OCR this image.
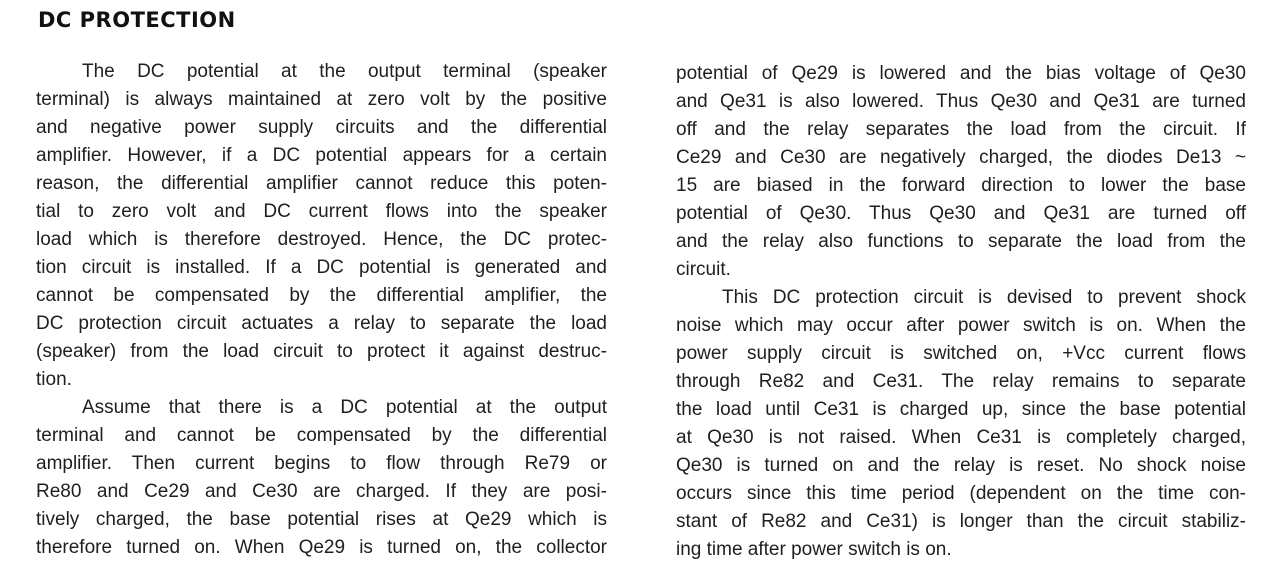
DC PROTECTION
The DC potential at the output terminal (speaker
terminal) is always maintained at zero volt by the positive
and negative power supply circuits and the differential
amplifier. However, if a DC potential appears for a certain
reason, the differential amplifier cannot reduce this poten-
tial to zero volt and DC current flows into the speaker
load which is therefore destroyed. Hence, the DC protec-
tion circuit is installed. If a DC potential is generated and
cannot be compensated by the differential amplifier, the
DC protection circuit actuates a relay to separate the load
(speaker) from the load circuit to protect it against destruc-
tion.
Assume that there is a DC potential at the output
terminal and cannot be compensated by the differential
amplifier. Then current begins to flow through Re79 or
Re80 and Ce29 and Ce30 are charged. If they are posi-
tively charged, the base potential rises at Qe29 which is
therefore turned on. When Qe29 is turned on, the collector
potential of Qe29 is lowered and the bias voltage of Qe30
and Qe31 is also lowered. Thus Qe30 and Qe31 are turned
off and the relay separates the load from the circuit. If
Ce29 and Ce30 are negatively charged, the diodes De13 ~
15 are biased in the forward direction to lower the base
potential of Qe30. Thus Qe30 and Qe31 are turned off
and the relay also functions to separate the load from the
circuit.
This DC protection circuit is devised to prevent shock
noise which may occur after power switch is on. When the
power supply circuit is switched on, +Vcc current flows
through Re82 and Ce31. The relay remains to separate
the load until Ce31 is charged up, since the base potential
at Qe30 is not raised. When Ce31 is completely charged,
Qe30 is turned on and the relay is reset. No shock noise
occurs since this time period (dependent on the time con-
stant of Re82 and Ce31) is longer than the circuit stabiliz-
ing time after power switch is on.
